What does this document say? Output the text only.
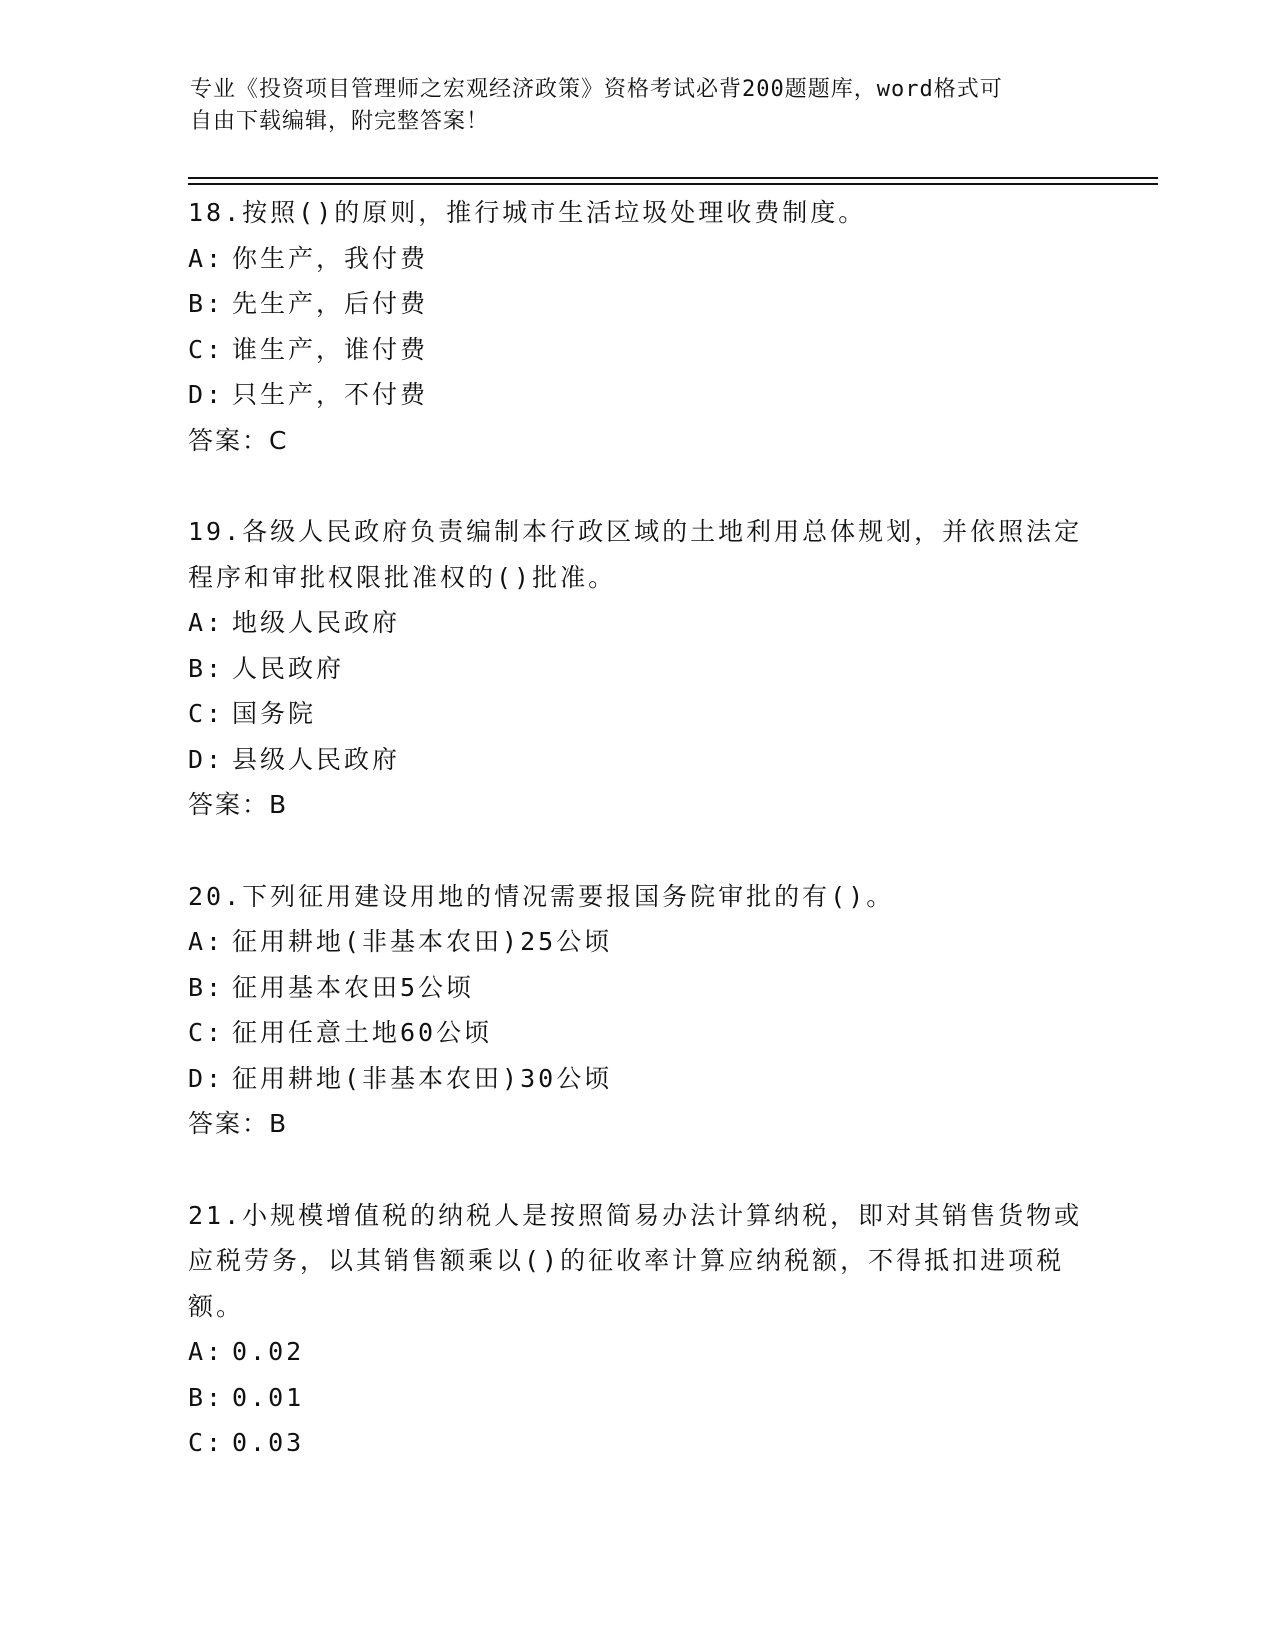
专业《投资项目管理师之宏观经济政策》资格考试必背200题题库，word格式可
自由下载编辑，附完整答案！
18.按照()的原则，推行城市生活垃圾处理收费制度。
A: 你生产，我付费
B: 先生产，后付费
C: 谁生产，谁付费
D: 只生产，不付费
答案：C
19.各级人民政府负责编制本行政区域的土地利用总体规划，并依照法定程序和审批权限批准权的()批准。
A: 地级人民政府
B: 人民政府
C: 国务院
D: 县级人民政府
答案：B
20.下列征用建设用地的情况需要报国务院审批的有()。
A: 征用耕地(非基本农田)25公顷
B: 征用基本农田5公顷
C: 征用任意土地60公顷
D: 征用耕地(非基本农田)30公顷
答案：B
21.小规模增值税的纳税人是按照简易办法计算纳税，即对其销售货物或应税劳务，以其销售额乘以()的征收率计算应纳税额，不得抵扣进项税额。
A: 0.02
B: 0.01
C: 0.03
